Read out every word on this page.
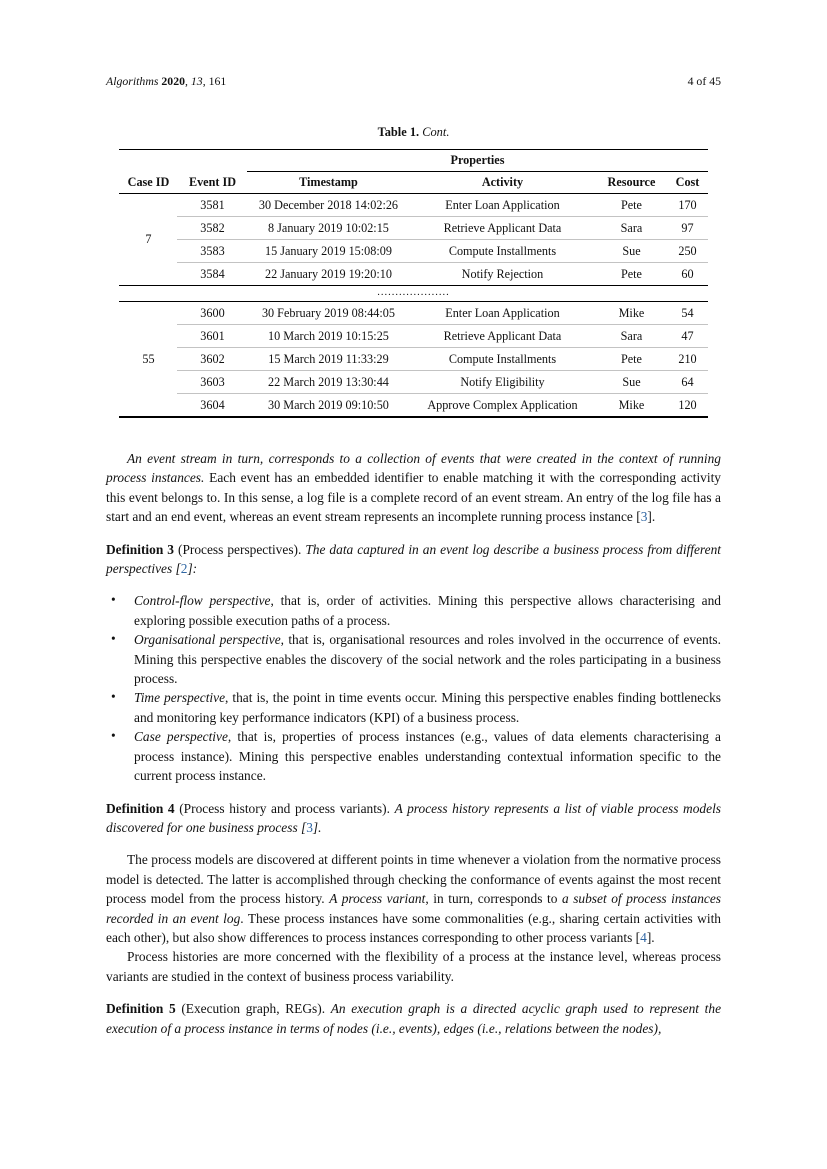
Algorithms 2020, 13, 161	4 of 45
Table 1. Cont.
Case ID	Event ID	Properties			
		Timestamp	Activity	Resource	Cost
7	3581	30 December 2018 14:02:26	Enter Loan Application	Pete	170
	3582	8 January 2019 10:02:15	Retrieve Applicant Data	Sara	97
	3583	15 January 2019 15:08:09	Compute Installments	Sue	250
	3584	22 January 2019 19:20:10	Notify Rejection	Pete	60
....................					
55	3600	30 February 2019 08:44:05	Enter Loan Application	Mike	54
	3601	10 March 2019 10:15:25	Retrieve Applicant Data	Sara	47
	3602	15 March 2019 11:33:29	Compute Installments	Pete	210
	3603	22 March 2019 13:30:44	Notify Eligibility	Sue	64
	3604	30 March 2019 09:10:50	Approve Complex Application	Mike	120
An event stream in turn, corresponds to a collection of events that were created in the context of running process instances. Each event has an embedded identifier to enable matching it with the corresponding activity this event belongs to. In this sense, a log file is a complete record of an event stream. An entry of the log file has a start and an end event, whereas an event stream represents an incomplete running process instance [3].
Definition 3 (Process perspectives). The data captured in an event log describe a business process from different perspectives [2]:
• Control-flow perspective, that is, order of activities. Mining this perspective allows characterising and exploring possible execution paths of a process.
• Organisational perspective, that is, organisational resources and roles involved in the occurrence of events. Mining this perspective enables the discovery of the social network and the roles participating in a business process.
• Time perspective, that is, the point in time events occur. Mining this perspective enables finding bottlenecks and monitoring key performance indicators (KPI) of a business process.
• Case perspective, that is, properties of process instances (e.g., values of data elements characterising a process instance). Mining this perspective enables understanding contextual information specific to the current process instance.
Definition 4 (Process history and process variants). A process history represents a list of viable process models discovered for one business process [3].
The process models are discovered at different points in time whenever a violation from the normative process model is detected. The latter is accomplished through checking the conformance of events against the most recent process model from the process history. A process variant, in turn, corresponds to a subset of process instances recorded in an event log. These process instances have some commonalities (e.g., sharing certain activities with each other), but also show differences to process instances corresponding to other process variants [4].
Process histories are more concerned with the flexibility of a process at the instance level, whereas process variants are studied in the context of business process variability.
Definition 5 (Execution graph, REGs). An execution graph is a directed acyclic graph used to represent the execution of a process instance in terms of nodes (i.e., events), edges (i.e., relations between the nodes),
